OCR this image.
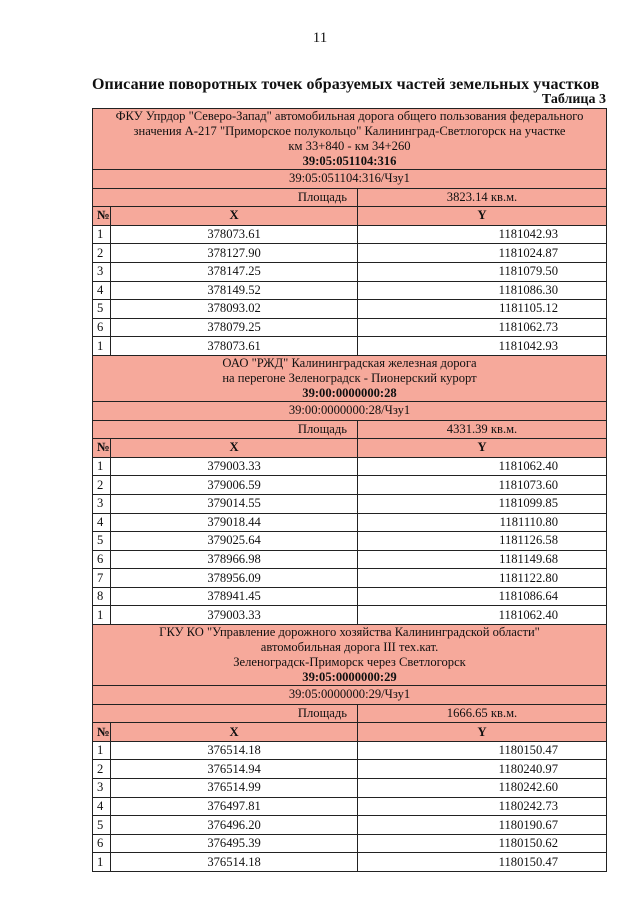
11
Описание поворотных точек образуемых частей земельных участков
Таблица 3
ФКУ Упрдор "Северо-Запад" автомобильная дорога общего пользования федерального
значения А-217 "Приморское полукольцо" Калининград-Светлогорск на участке
км 33+840 - км 34+260
39:05:051104:316		

39:05:051104:316/Чзу1		
Площадь		3823.14 кв.м.
№	X	Y
1	378073.61	1181042.93
2	378127.90	1181024.87
3	378147.25	1181079.50
4	378149.52	1181086.30
5	378093.02	1181105.12
6	378079.25	1181062.73
1	378073.61	1181042.93

ОАО "РЖД" Калининградская железная дорога
на перегоне Зеленоградск - Пионерский курорт
39:00:0000000:28		

39:00:0000000:28/Чзу1		
Площадь		4331.39 кв.м.
№	X	Y
1	379003.33	1181062.40
2	379006.59	1181073.60
3	379014.55	1181099.85
4	379018.44	1181110.80
5	379025.64	1181126.58
6	378966.98	1181149.68
7	378956.09	1181122.80
8	378941.45	1181086.64
1	379003.33	1181062.40

ГКУ КО "Управление дорожного хозяйства Калининградской области"
автомобильная дорога III тех.кат.
Зеленоградск-Приморск через Светлогорск
39:05:0000000:29		

39:05:0000000:29/Чзу1		
Площадь		1666.65 кв.м.
№	X	Y
1	376514.18	1180150.47
2	376514.94	1180240.97
3	376514.99	1180242.60
4	376497.81	1180242.73
5	376496.20	1180190.67
6	376495.39	1180150.62
1	376514.18	1180150.47
